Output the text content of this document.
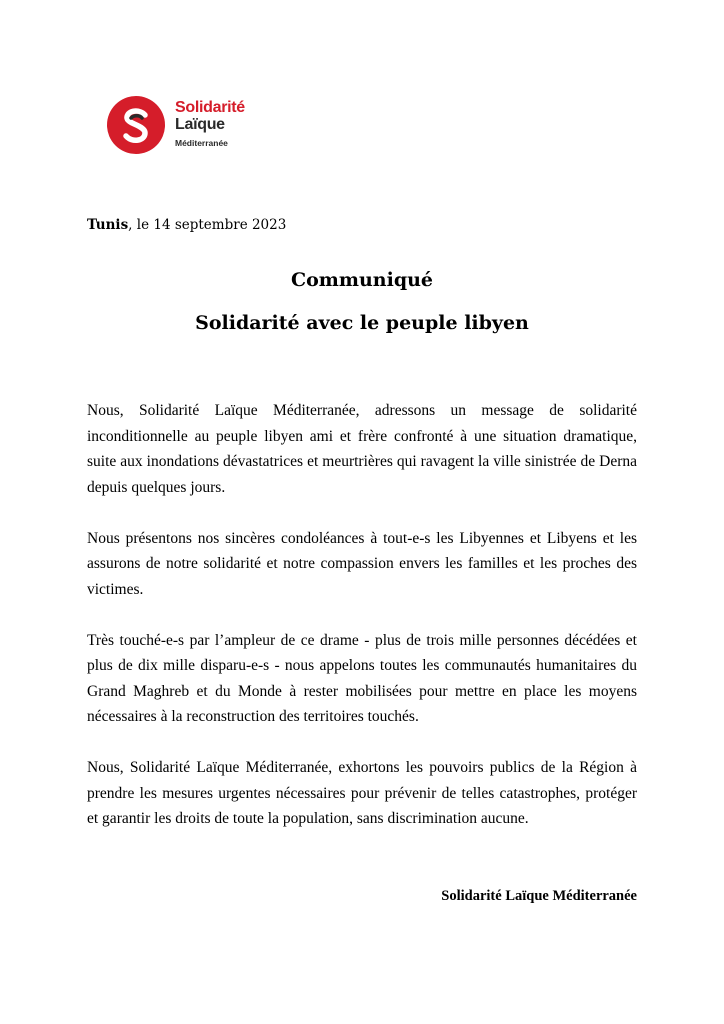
Solidarité
Laïque
Méditerranée
Tunis, le 14 septembre 2023
Communiqué
Solidarité avec le peuple libyen

Nous, Solidarité Laïque Méditerranée, adressons un message de solidarité inconditionnelle au peuple libyen ami et frère confronté à une situation dramatique, suite aux inondations dévastatrices et meurtrières qui ravagent la ville sinistrée de Derna depuis quelques jours.

Nous présentons nos sincères condoléances à tout-e-s les Libyennes et Libyens et les assurons de notre solidarité et notre compassion envers les familles et les proches des victimes.

Très touché-e-s par l’ampleur de ce drame - plus de trois mille personnes décédées et plus de dix mille disparu-e-s - nous appelons toutes les communautés humanitaires du Grand Maghreb et du Monde à rester mobilisées pour mettre en place les moyens nécessaires à la reconstruction des territoires touchés.

Nous, Solidarité Laïque Méditerranée, exhortons les pouvoirs publics de la Région à prendre les mesures urgentes nécessaires pour prévenir de telles catastrophes, protéger et garantir les droits de toute la population, sans discrimination aucune.

Solidarité Laïque Méditerranée
